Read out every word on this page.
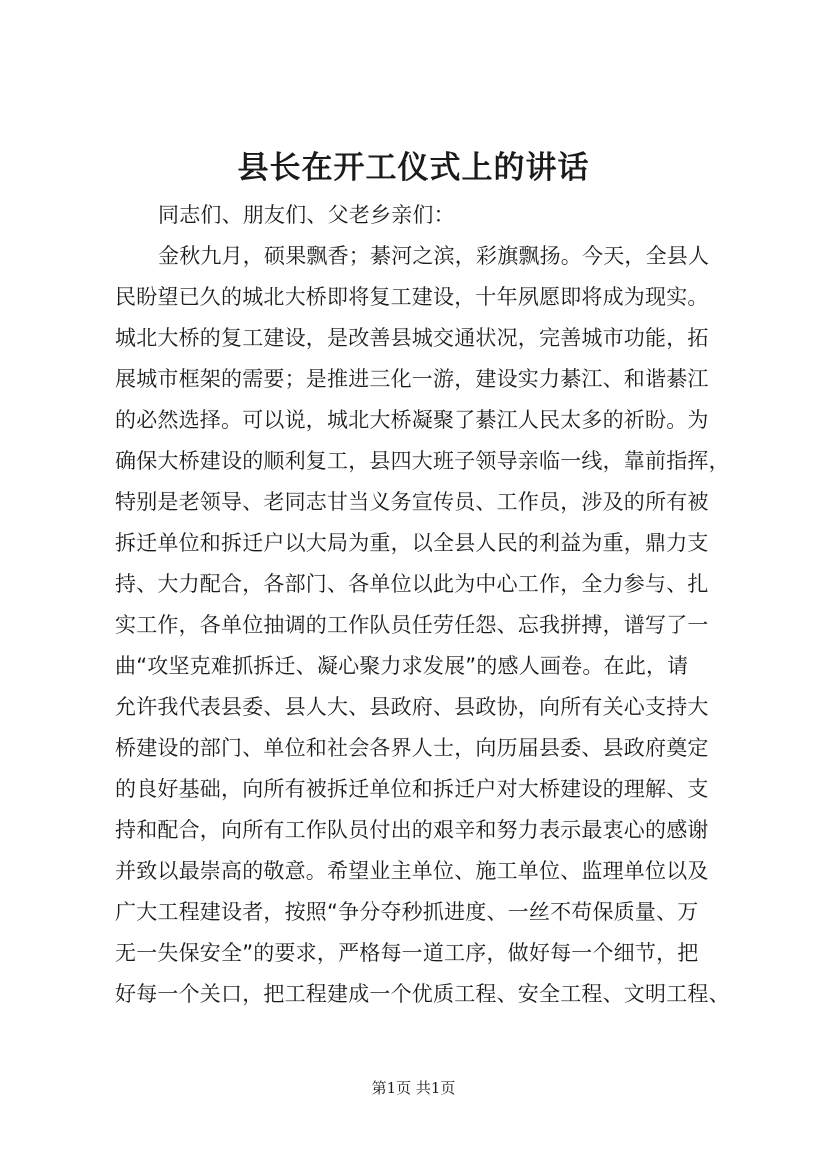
县长在开工仪式上的讲话
同志们、朋友们、父老乡亲们：
金秋九月，硕果飘香；綦河之滨，彩旗飘扬。今天，全县人
民盼望已久的城北大桥即将复工建设，十年夙愿即将成为现实。
城北大桥的复工建设，是改善县城交通状况，完善城市功能，拓
展城市框架的需要；是推进三化一游，建设实力綦江、和谐綦江
的必然选择。可以说，城北大桥凝聚了綦江人民太多的祈盼。为
确保大桥建设的顺利复工，县四大班子领导亲临一线，靠前指挥，
特别是老领导、老同志甘当义务宣传员、工作员，涉及的所有被
拆迁单位和拆迁户以大局为重，以全县人民的利益为重，鼎力支
持、大力配合，各部门、各单位以此为中心工作，全力参与、扎
实工作，各单位抽调的工作队员任劳任怨、忘我拼搏，谱写了一
曲“攻坚克难抓拆迁、凝心聚力求发展”的感人画卷。在此，请
允许我代表县委、县人大、县政府、县政协，向所有关心支持大
桥建设的部门、单位和社会各界人士，向历届县委、县政府奠定
的良好基础，向所有被拆迁单位和拆迁户对大桥建设的理解、支
持和配合，向所有工作队员付出的艰辛和努力表示最衷心的感谢
并致以最崇高的敬意。希望业主单位、施工单位、监理单位以及
广大工程建设者，按照“争分夺秒抓进度、一丝不苟保质量、万
无一失保安全”的要求，严格每一道工序，做好每一个细节，把
好每一个关口，把工程建成一个优质工程、安全工程、文明工程、
第1页 共1页
